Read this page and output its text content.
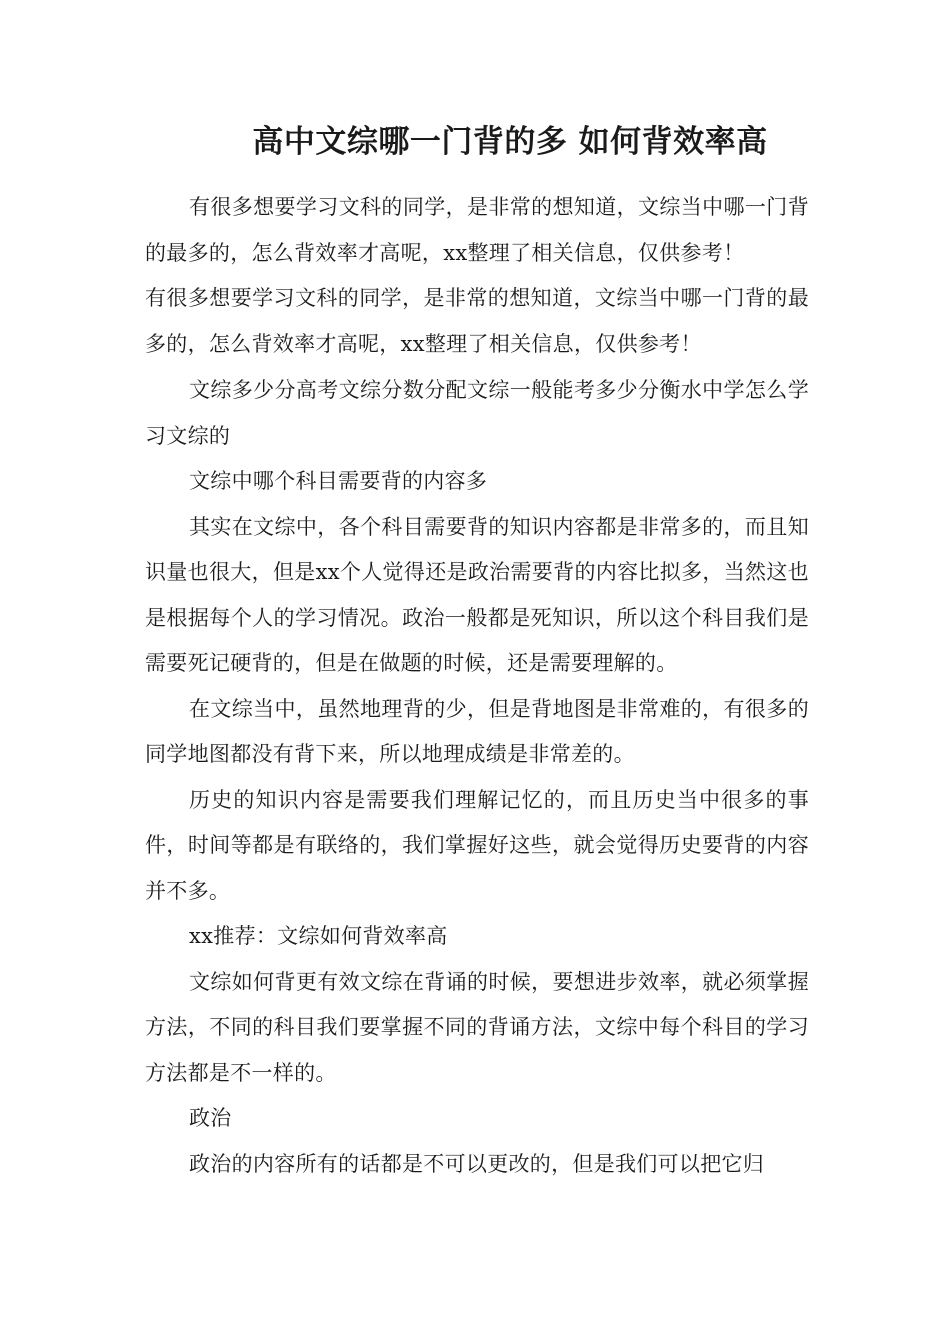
高中文综哪一门背的多 如何背效率高

有很多想要学习文科的同学，是非常的想知道，文综当中哪一门背的最多的，怎么背效率才高呢，xx整理了相关信息，仅供参考！

有很多想要学习文科的同学，是非常的想知道，文综当中哪一门背的最多的，怎么背效率才高呢，xx整理了相关信息，仅供参考！

文综多少分高考文综分数分配文综一般能考多少分衡水中学怎么学习文综的

文综中哪个科目需要背的内容多

其实在文综中，各个科目需要背的知识内容都是非常多的，而且知识量也很大，但是xx个人觉得还是政治需要背的内容比拟多，当然这也是根据每个人的学习情况。政治一般都是死知识，所以这个科目我们是需要死记硬背的，但是在做题的时候，还是需要理解的。

在文综当中，虽然地理背的少，但是背地图是非常难的，有很多的同学地图都没有背下来，所以地理成绩是非常差的。

历史的知识内容是需要我们理解记忆的，而且历史当中很多的事件，时间等都是有联络的，我们掌握好这些，就会觉得历史要背的内容并不多。

xx推荐：文综如何背效率高

文综如何背更有效文综在背诵的时候，要想进步效率，就必须掌握方法，不同的科目我们要掌握不同的背诵方法，文综中每个科目的学习方法都是不一样的。

政治

政治的内容所有的话都是不可以更改的，但是我们可以把它归
